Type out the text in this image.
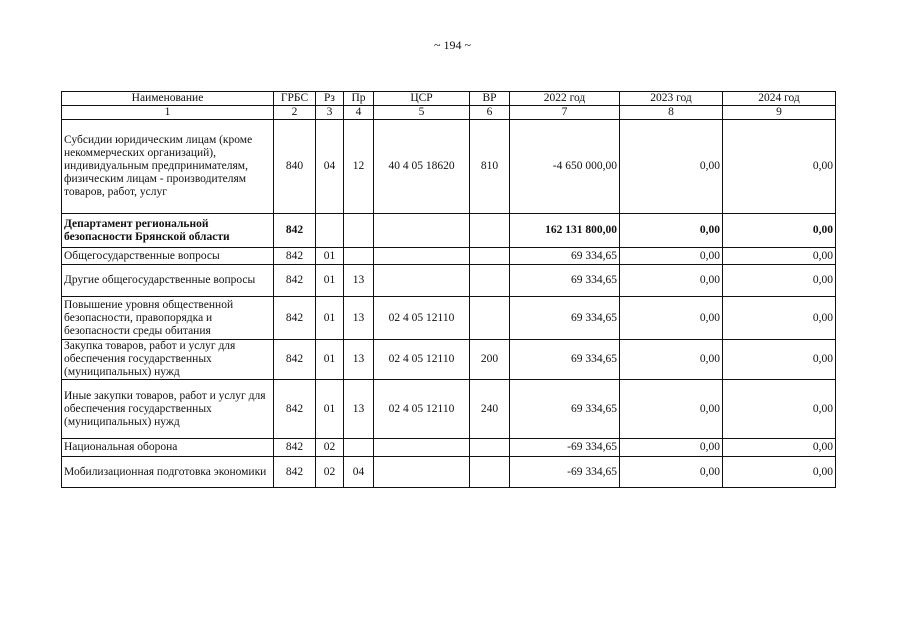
~ 194 ~
Наименование	ГРБС	Рз	Пр	ЦСР	ВР	2022 год	2023 год	2024 год
1	2	3	4	5	6	7	8	9
Субсидии юридическим лицам (кроме некоммерческих организаций), индивидуальным предпринимателям, физическим лицам - производителям товаров, работ, услуг	840	04	12	40 4 05 18620	810	-4 650 000,00	0,00	0,00
Департамент региональной безопасности Брянской области	842					162 131 800,00	0,00	0,00
Общегосударственные вопросы	842	01				69 334,65	0,00	0,00
Другие общегосударственные вопросы	842	01	13			69 334,65	0,00	0,00
Повышение уровня общественной безопасности, правопорядка и безопасности среды обитания	842	01	13	02 4 05 12110		69 334,65	0,00	0,00
Закупка товаров, работ и услуг для обеспечения государственных (муниципальных) нужд	842	01	13	02 4 05 12110	200	69 334,65	0,00	0,00
Иные закупки товаров, работ и услуг для обеспечения государственных (муниципальных) нужд	842	01	13	02 4 05 12110	240	69 334,65	0,00	0,00
Национальная оборона	842	02				-69 334,65	0,00	0,00
Мобилизационная подготовка экономики	842	02	04			-69 334,65	0,00	0,00
